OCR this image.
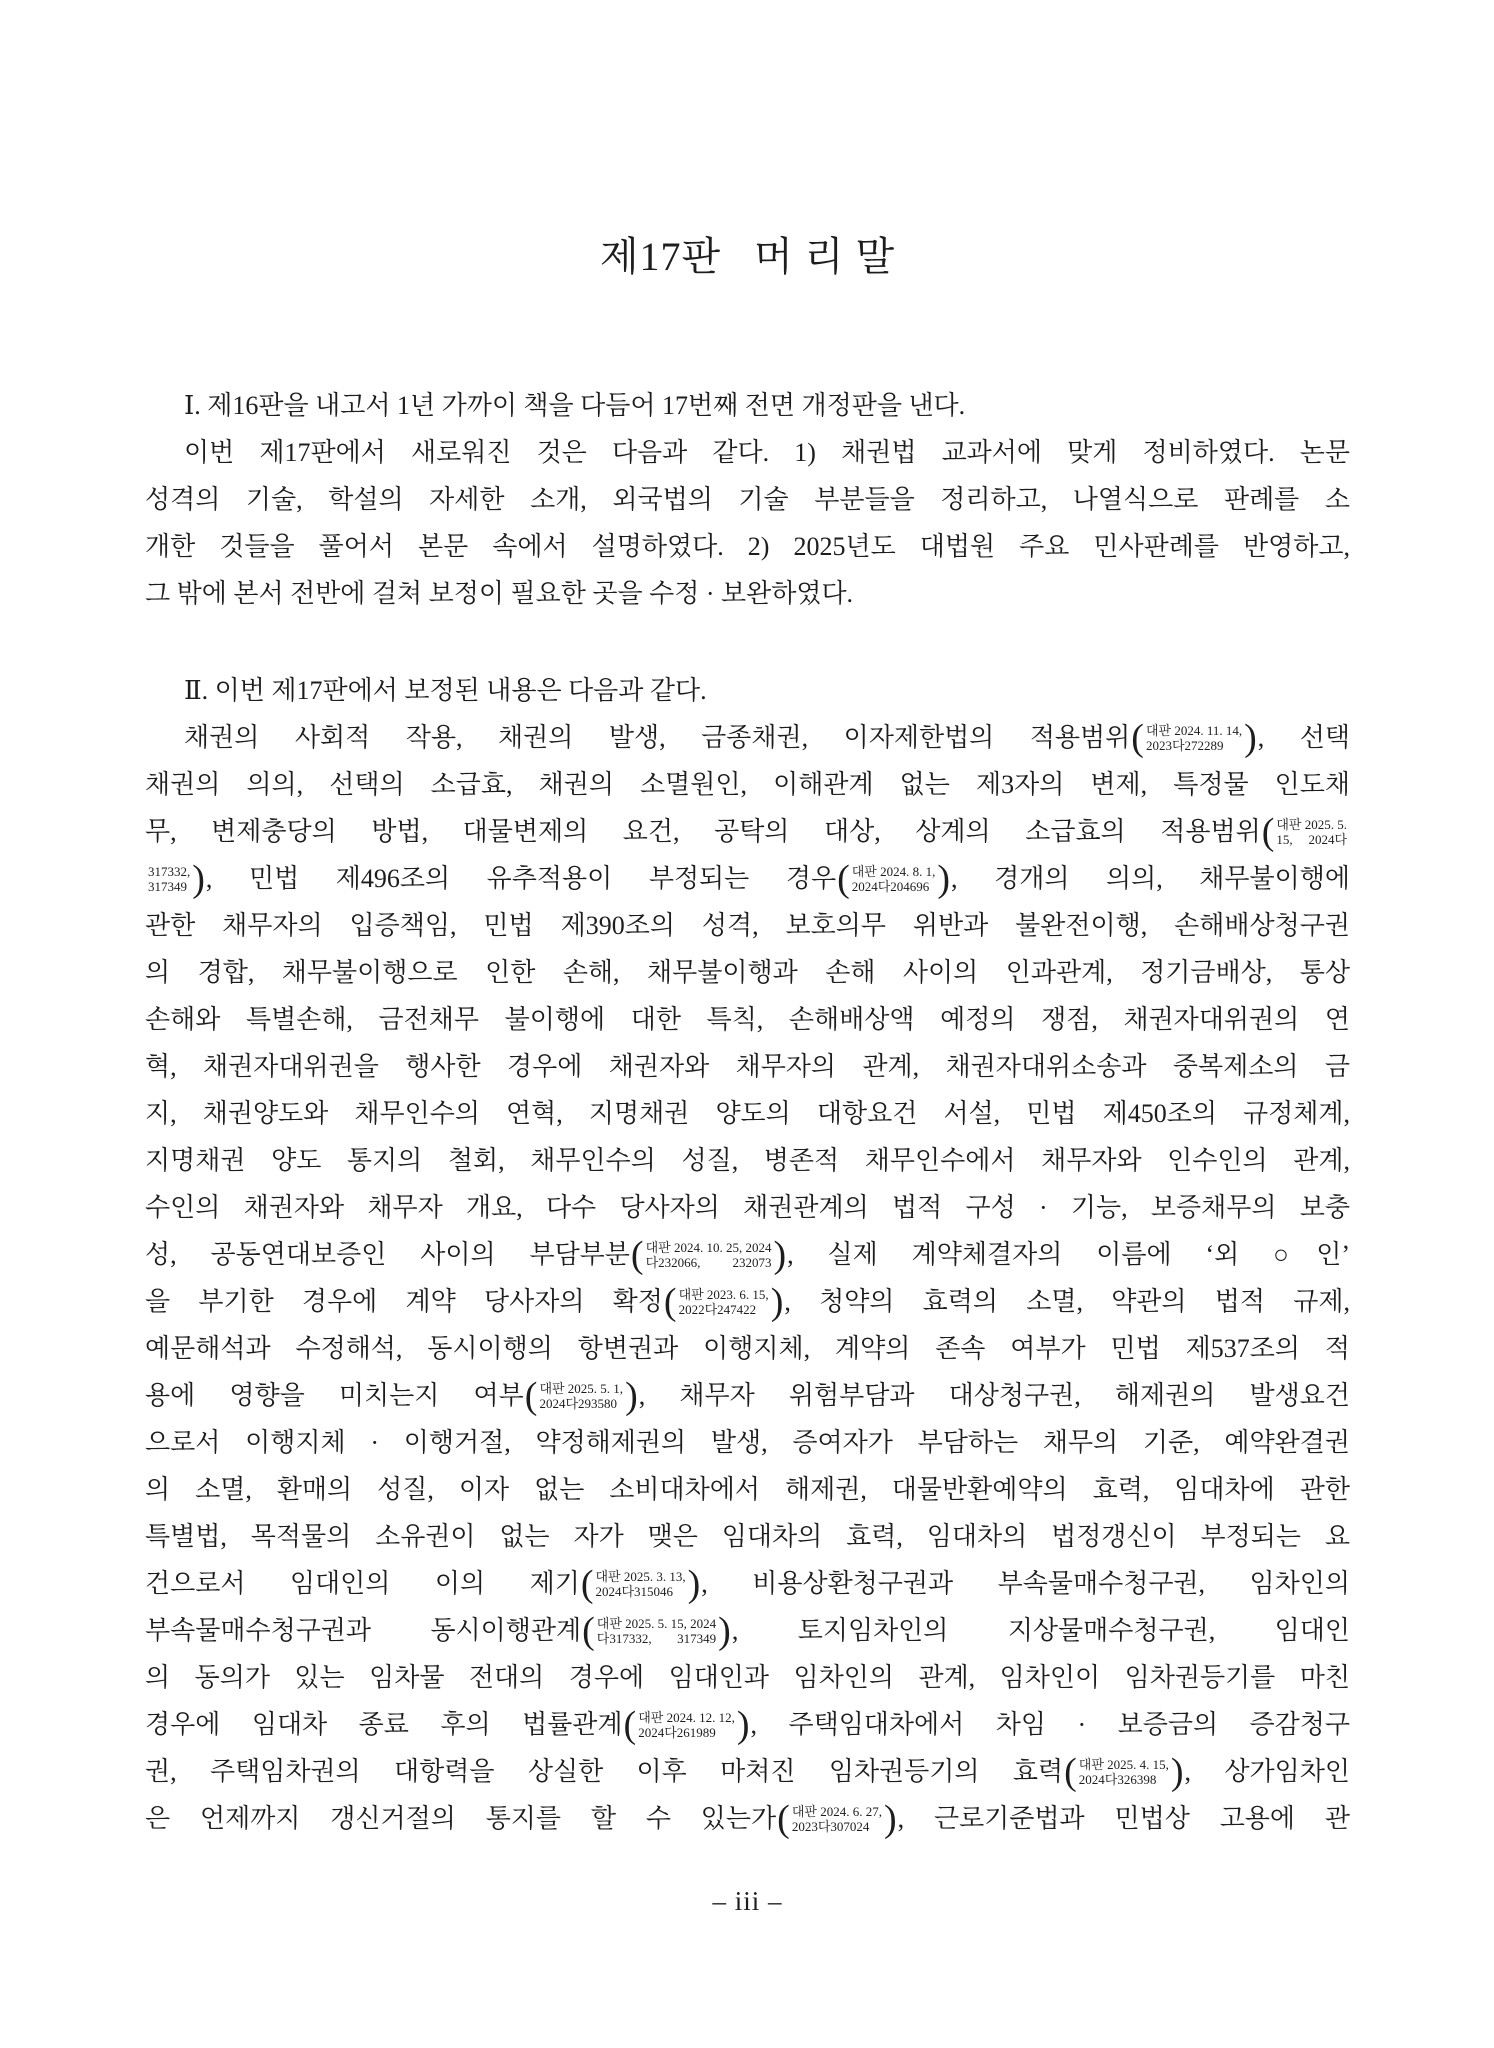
제17판   머 리 말
Ⅰ. 제16판을 내고서 1년 가까이 책을 다듬어 17번째 전면 개정판을 낸다.
이번 제17판에서 새로워진 것은 다음과 같다. 1) 채권법 교과서에 맞게 정비하였다. 논문
성격의 기술, 학설의 자세한 소개, 외국법의 기술 부분들을 정리하고, 나열식으로 판례를 소
개한 것들을 풀어서 본문 속에서 설명하였다. 2) 2025년도 대법원 주요 민사판례를 반영하고,
그 밖에 본서 전반에 걸쳐 보정이 필요한 곳을 수정 · 보완하였다.
Ⅱ. 이번 제17판에서 보정된 내용은 다음과 같다.
채권의 사회적 작용, 채권의 발생, 금종채권, 이자제한법의 적용범위 ( 대판 2024. 11. 14,
2023다272289 ) , 선택
채권의 의의, 선택의 소급효, 채권의 소멸원인, 이해관계 없는 제3자의 변제, 특정물 인도채
무, 변제충당의 방법, 대물변제의 요건, 공탁의 대상, 상계의 소급효의 적용범위 ( 대판 2025. 5.
15, 2024다
317332,
317349 ) , 민법 제496조의 유추적용이 부정되는 경우 ( 대판 2024. 8. 1,
2024다204696 ) , 경개의 의의, 채무불이행에
관한 채무자의 입증책임, 민법 제390조의 성격, 보호의무 위반과 불완전이행, 손해배상청구권
의 경합, 채무불이행으로 인한 손해, 채무불이행과 손해 사이의 인과관계, 정기금배상, 통상
손해와 특별손해, 금전채무 불이행에 대한 특칙, 손해배상액 예정의 쟁점, 채권자대위권의 연
혁, 채권자대위권을 행사한 경우에 채권자와 채무자의 관계, 채권자대위소송과 중복제소의 금
지, 채권양도와 채무인수의 연혁, 지명채권 양도의 대항요건 서설, 민법 제450조의 규정체계,
지명채권 양도 통지의 철회, 채무인수의 성질, 병존적 채무인수에서 채무자와 인수인의 관계,
수인의 채권자와 채무자 개요, 다수 당사자의 채권관계의 법적 구성 · 기능, 보증채무의 보충
성, 공동연대보증인 사이의 부담부분 ( 대판 2024. 10. 25, 2024
다232066, 232073 ) , 실제 계약체결자의 이름에 ‘외 ○인’
을 부기한 경우에 계약 당사자의 확정 ( 대판 2023. 6. 15,
2022다247422 ) , 청약의 효력의 소멸, 약관의 법적 규제,
예문해석과 수정해석, 동시이행의 항변권과 이행지체, 계약의 존속 여부가 민법 제537조의 적
용에 영향을 미치는지 여부 ( 대판 2025. 5. 1,
2024다293580 ) , 채무자 위험부담과 대상청구권, 해제권의 발생요건
으로서 이행지체 · 이행거절, 약정해제권의 발생, 증여자가 부담하는 채무의 기준, 예약완결권
의 소멸, 환매의 성질, 이자 없는 소비대차에서 해제권, 대물반환예약의 효력, 임대차에 관한
특별법, 목적물의 소유권이 없는 자가 맺은 임대차의 효력, 임대차의 법정갱신이 부정되는 요
건으로서 임대인의 이의 제기 ( 대판 2025. 3. 13,
2024다315046 ) , 비용상환청구권과 부속물매수청구권, 임차인의
부속물매수청구권과 동시이행관계 ( 대판 2025. 5. 15, 2024
다317332, 317349 ) , 토지임차인의 지상물매수청구권, 임대인
의 동의가 있는 임차물 전대의 경우에 임대인과 임차인의 관계, 임차인이 임차권등기를 마친
경우에 임대차 종료 후의 법률관계 ( 대판 2024. 12. 12,
2024다261989 ) , 주택임대차에서 차임 · 보증금의 증감청구
권, 주택임차권의 대항력을 상실한 이후 마쳐진 임차권등기의 효력 ( 대판 2025. 4. 15,
2024다326398 ) , 상가임차인
은 언제까지 갱신거절의 통지를 할 수 있는가 ( 대판 2024. 6. 27,
2023다307024 ) , 근로기준법과 민법상 고용에 관
– iii –
